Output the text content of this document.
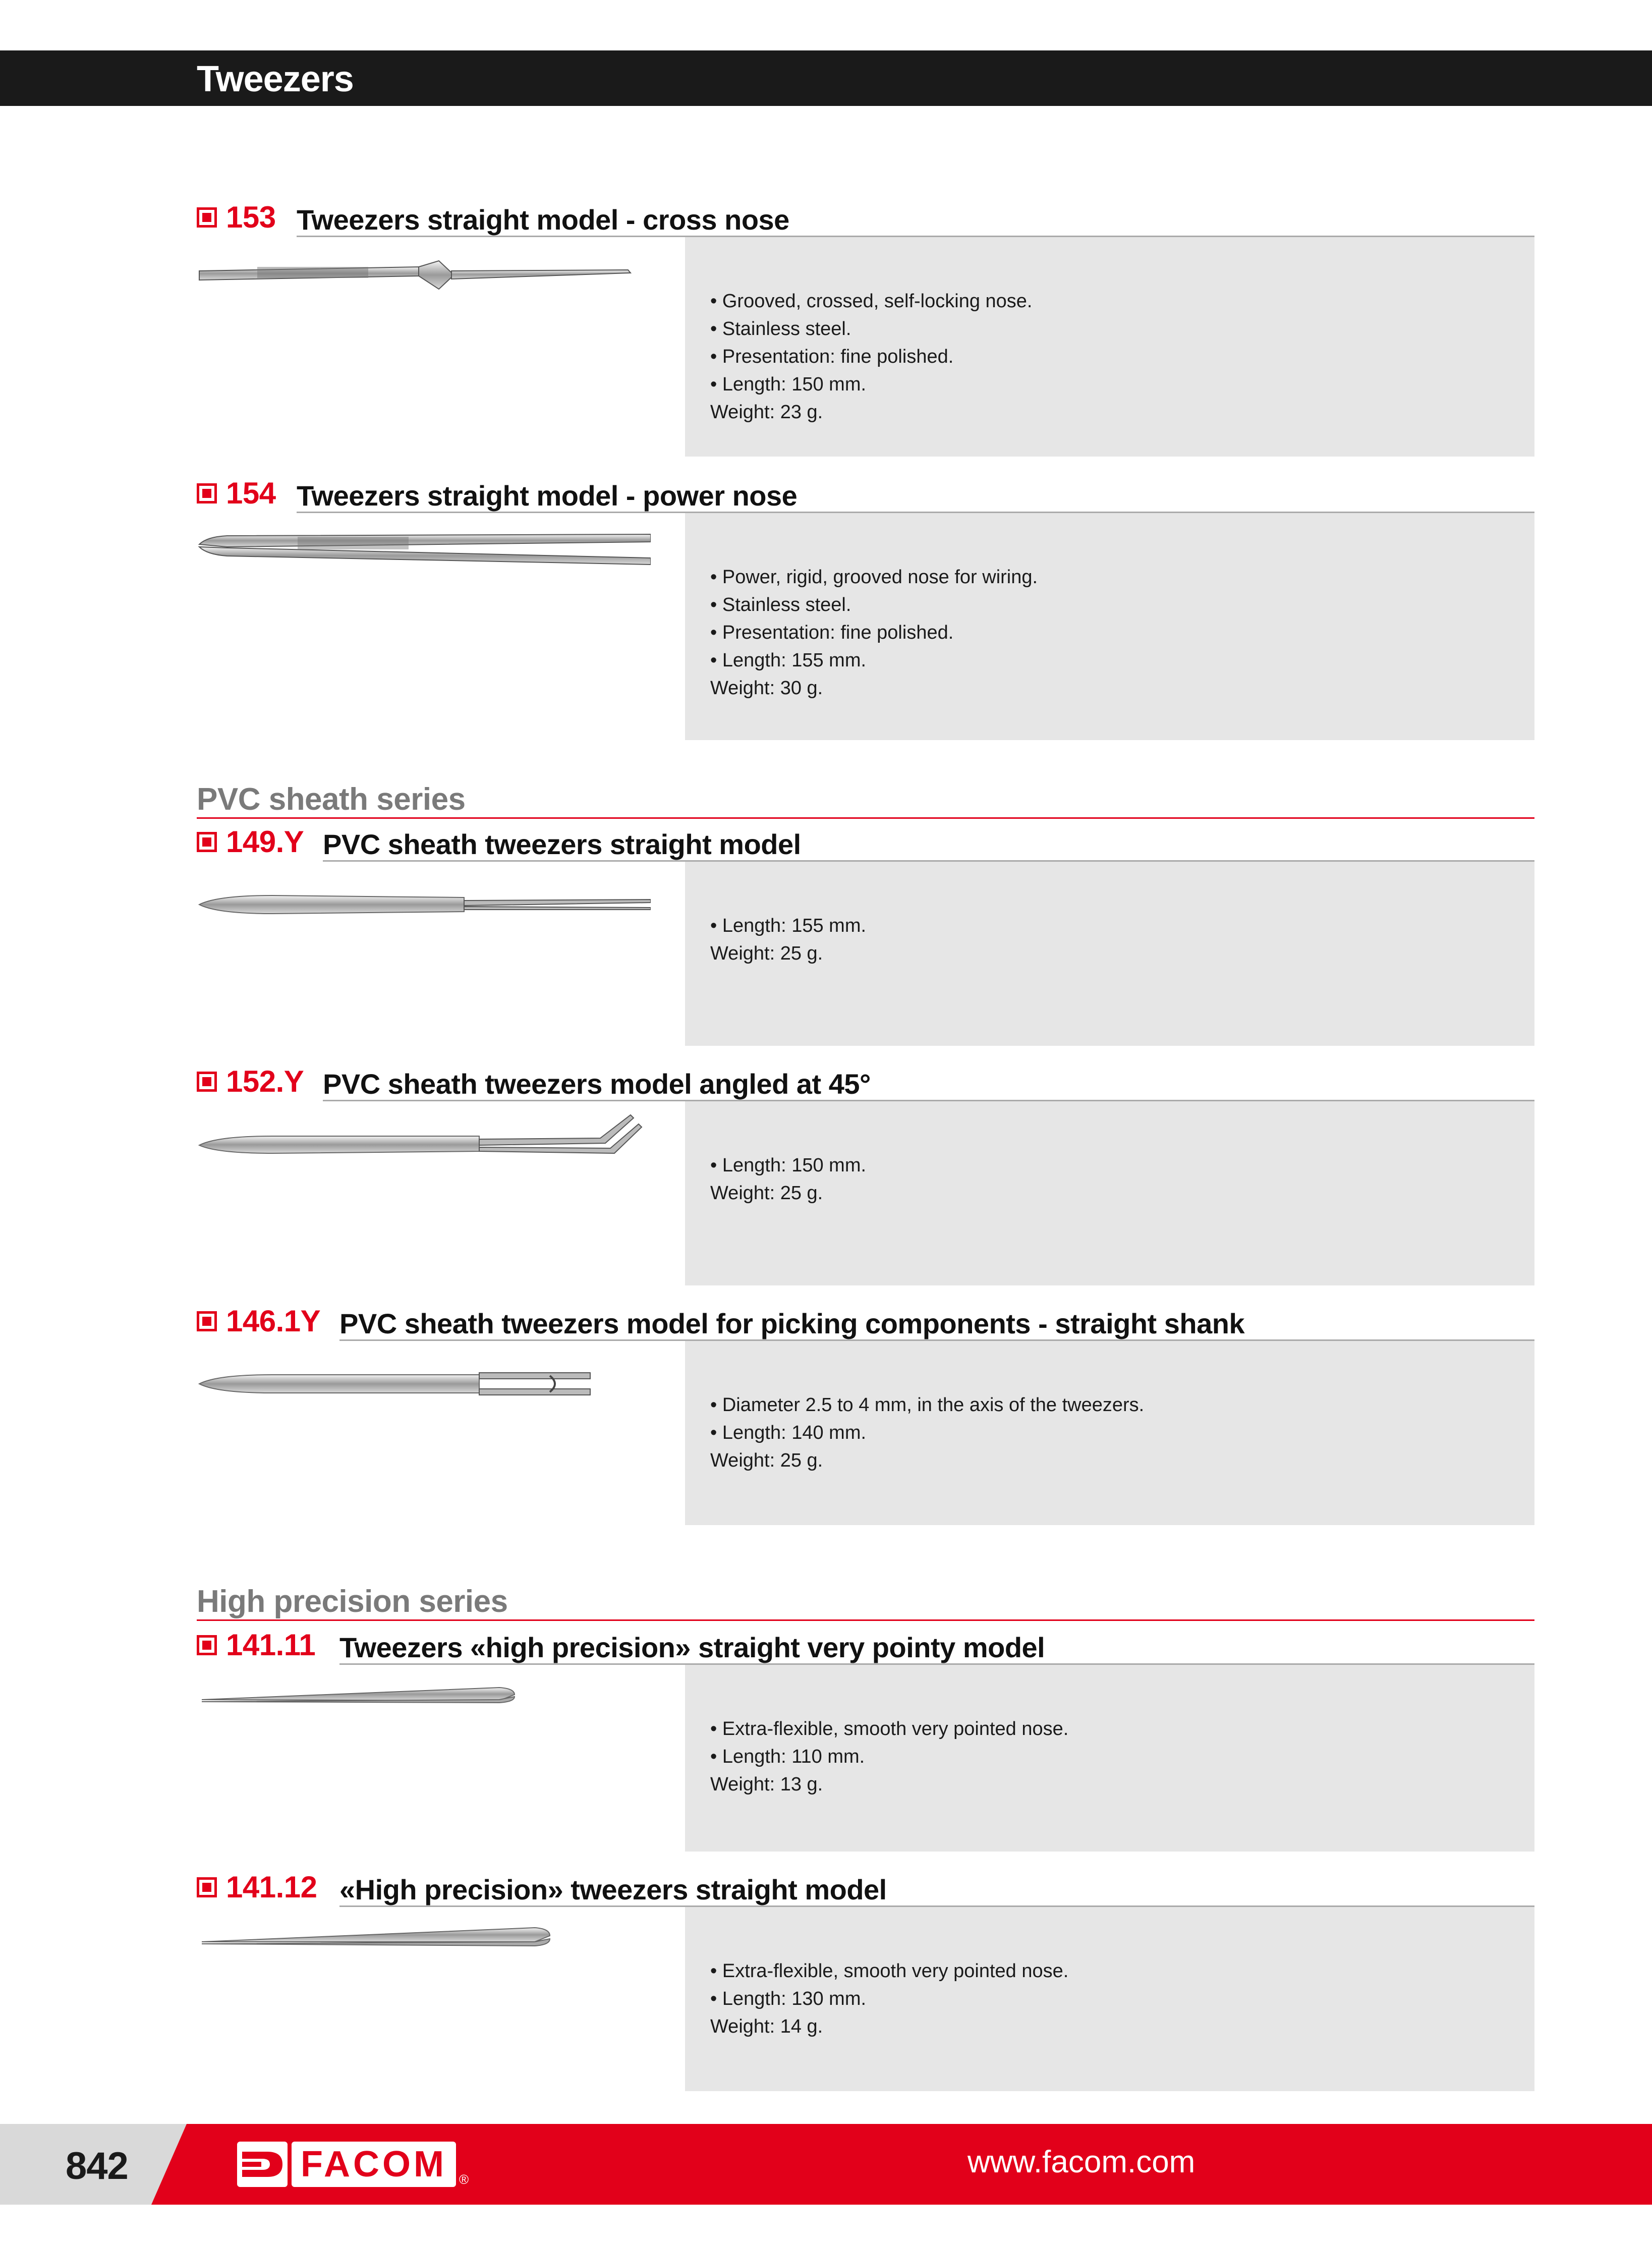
Tweezers
153 Tweezers straight model - cross nose
• Grooved, crossed, self-locking nose.
• Stainless steel.
• Presentation: fine polished.
• Length: 150 mm.
Weight: 23 g.
154 Tweezers straight model - power nose
• Power, rigid, grooved nose for wiring.
• Stainless steel.
• Presentation: fine polished.
• Length: 155 mm.
Weight: 30 g.
PVC sheath series
149.Y PVC sheath tweezers straight model
• Length: 155 mm.
Weight: 25 g.
152.Y PVC sheath tweezers model angled at 45°
• Length: 150 mm.
Weight: 25 g.
146.1Y PVC sheath tweezers model for picking components - straight shank
• Diameter 2.5 to 4 mm, in the axis of the tweezers.
• Length: 140 mm.
Weight: 25 g.
High precision series
141.11 Tweezers «high precision» straight very pointy model
• Extra-flexible, smooth very pointed nose.
• Length: 110 mm.
Weight: 13 g.
141.12 «High precision» tweezers straight model
• Extra-flexible, smooth very pointed nose.
• Length: 130 mm.
Weight: 14 g.
842	FACOM ®	www.facom.com
